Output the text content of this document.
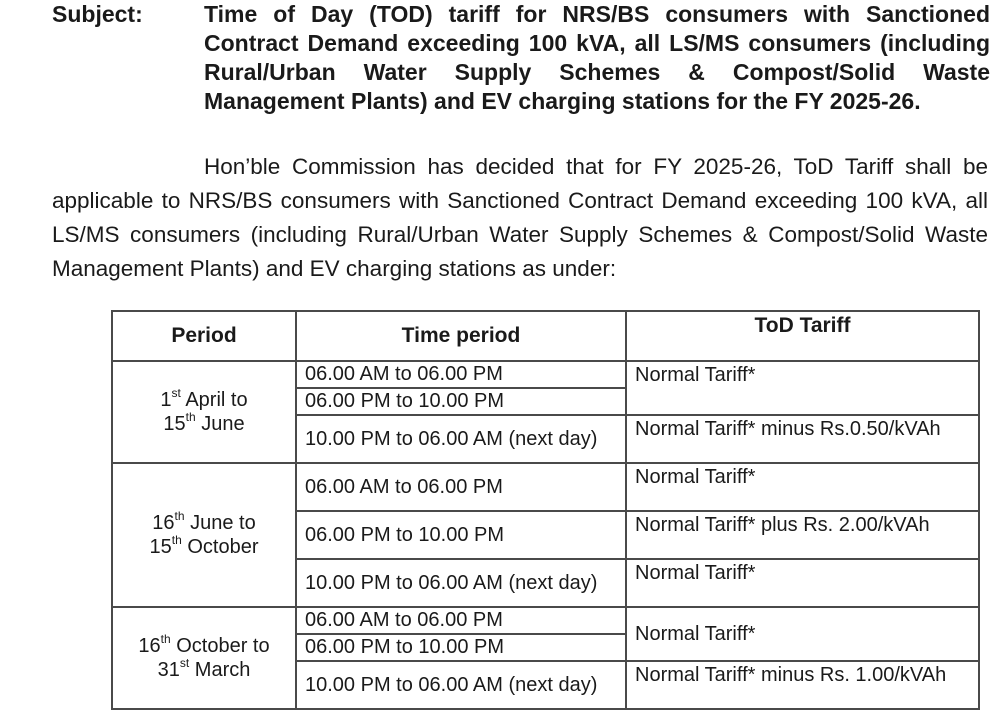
Subject:	Time of Day (TOD) tariff for NRS/BS consumers with Sanctioned Contract Demand exceeding 100 kVA, all LS/MS consumers (including Rural/Urban Water Supply Schemes & Compost/Solid Waste Management Plants) and EV charging stations for the FY 2025-26.
Hon’ble Commission has decided that for FY 2025-26, ToD Tariff shall be applicable to NRS/BS consumers with Sanctioned Contract Demand exceeding 100 kVA, all LS/MS consumers (including Rural/Urban Water Supply Schemes & Compost/Solid Waste Management Plants) and EV charging stations as under:
Period	Time period	ToD Tariff
1st April to
15th June	06.00 AM to 06.00 PM	Normal Tariff*
	06.00 PM to 10.00 PM	
	10.00 PM to 06.00 AM (next day)	Normal Tariff* minus Rs.0.50/kVAh
16th June to
15th October	06.00 AM to 06.00 PM	Normal Tariff*
	06.00 PM to 10.00 PM	Normal Tariff* plus Rs. 2.00/kVAh
	10.00 PM to 06.00 AM (next day)	Normal Tariff*
16th October to
31st March	06.00 AM to 06.00 PM	Normal Tariff*
	06.00 PM to 10.00 PM	
	10.00 PM to 06.00 AM (next day)	Normal Tariff* minus Rs. 1.00/kVAh
